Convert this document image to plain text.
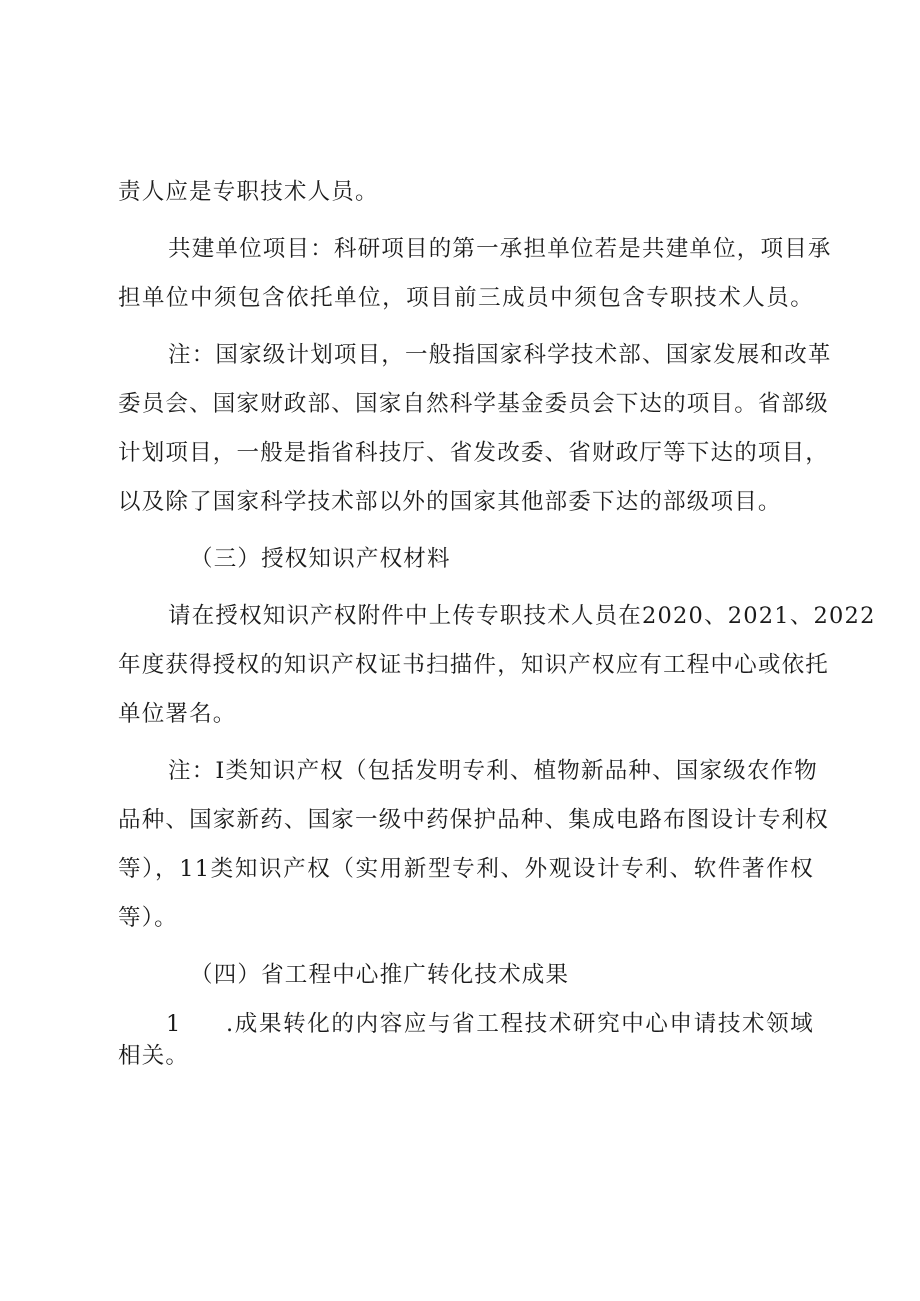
责人应是专职技术人员。
共建单位项目：科研项目的第一承担单位若是共建单位，项目承
担单位中须包含依托单位，项目前三成员中须包含专职技术人员。
注：国家级计划项目，一般指国家科学技术部、国家发展和改革
委员会、国家财政部、国家自然科学基金委员会下达的项目。省部级
计划项目，一般是指省科技厅、省发改委、省财政厅等下达的项目，
以及除了国家科学技术部以外的国家其他部委下达的部级项目。
（三）授权知识产权材料
请在授权知识产权附件中上传专职技术人员在2020、2021、2022
年度获得授权的知识产权证书扫描件，知识产权应有工程中心或依托
单位署名。
注：I类知识产权（包括发明专利、植物新品种、国家级农作物
品种、国家新药、国家一级中药保护品种、集成电路布图设计专利权
等），11类知识产权（实用新型专利、外观设计专利、软件著作权
等）。
（四）省工程中心推广转化技术成果
1 .成果转化的内容应与省工程技术研究中心申请技术领域
相关。
